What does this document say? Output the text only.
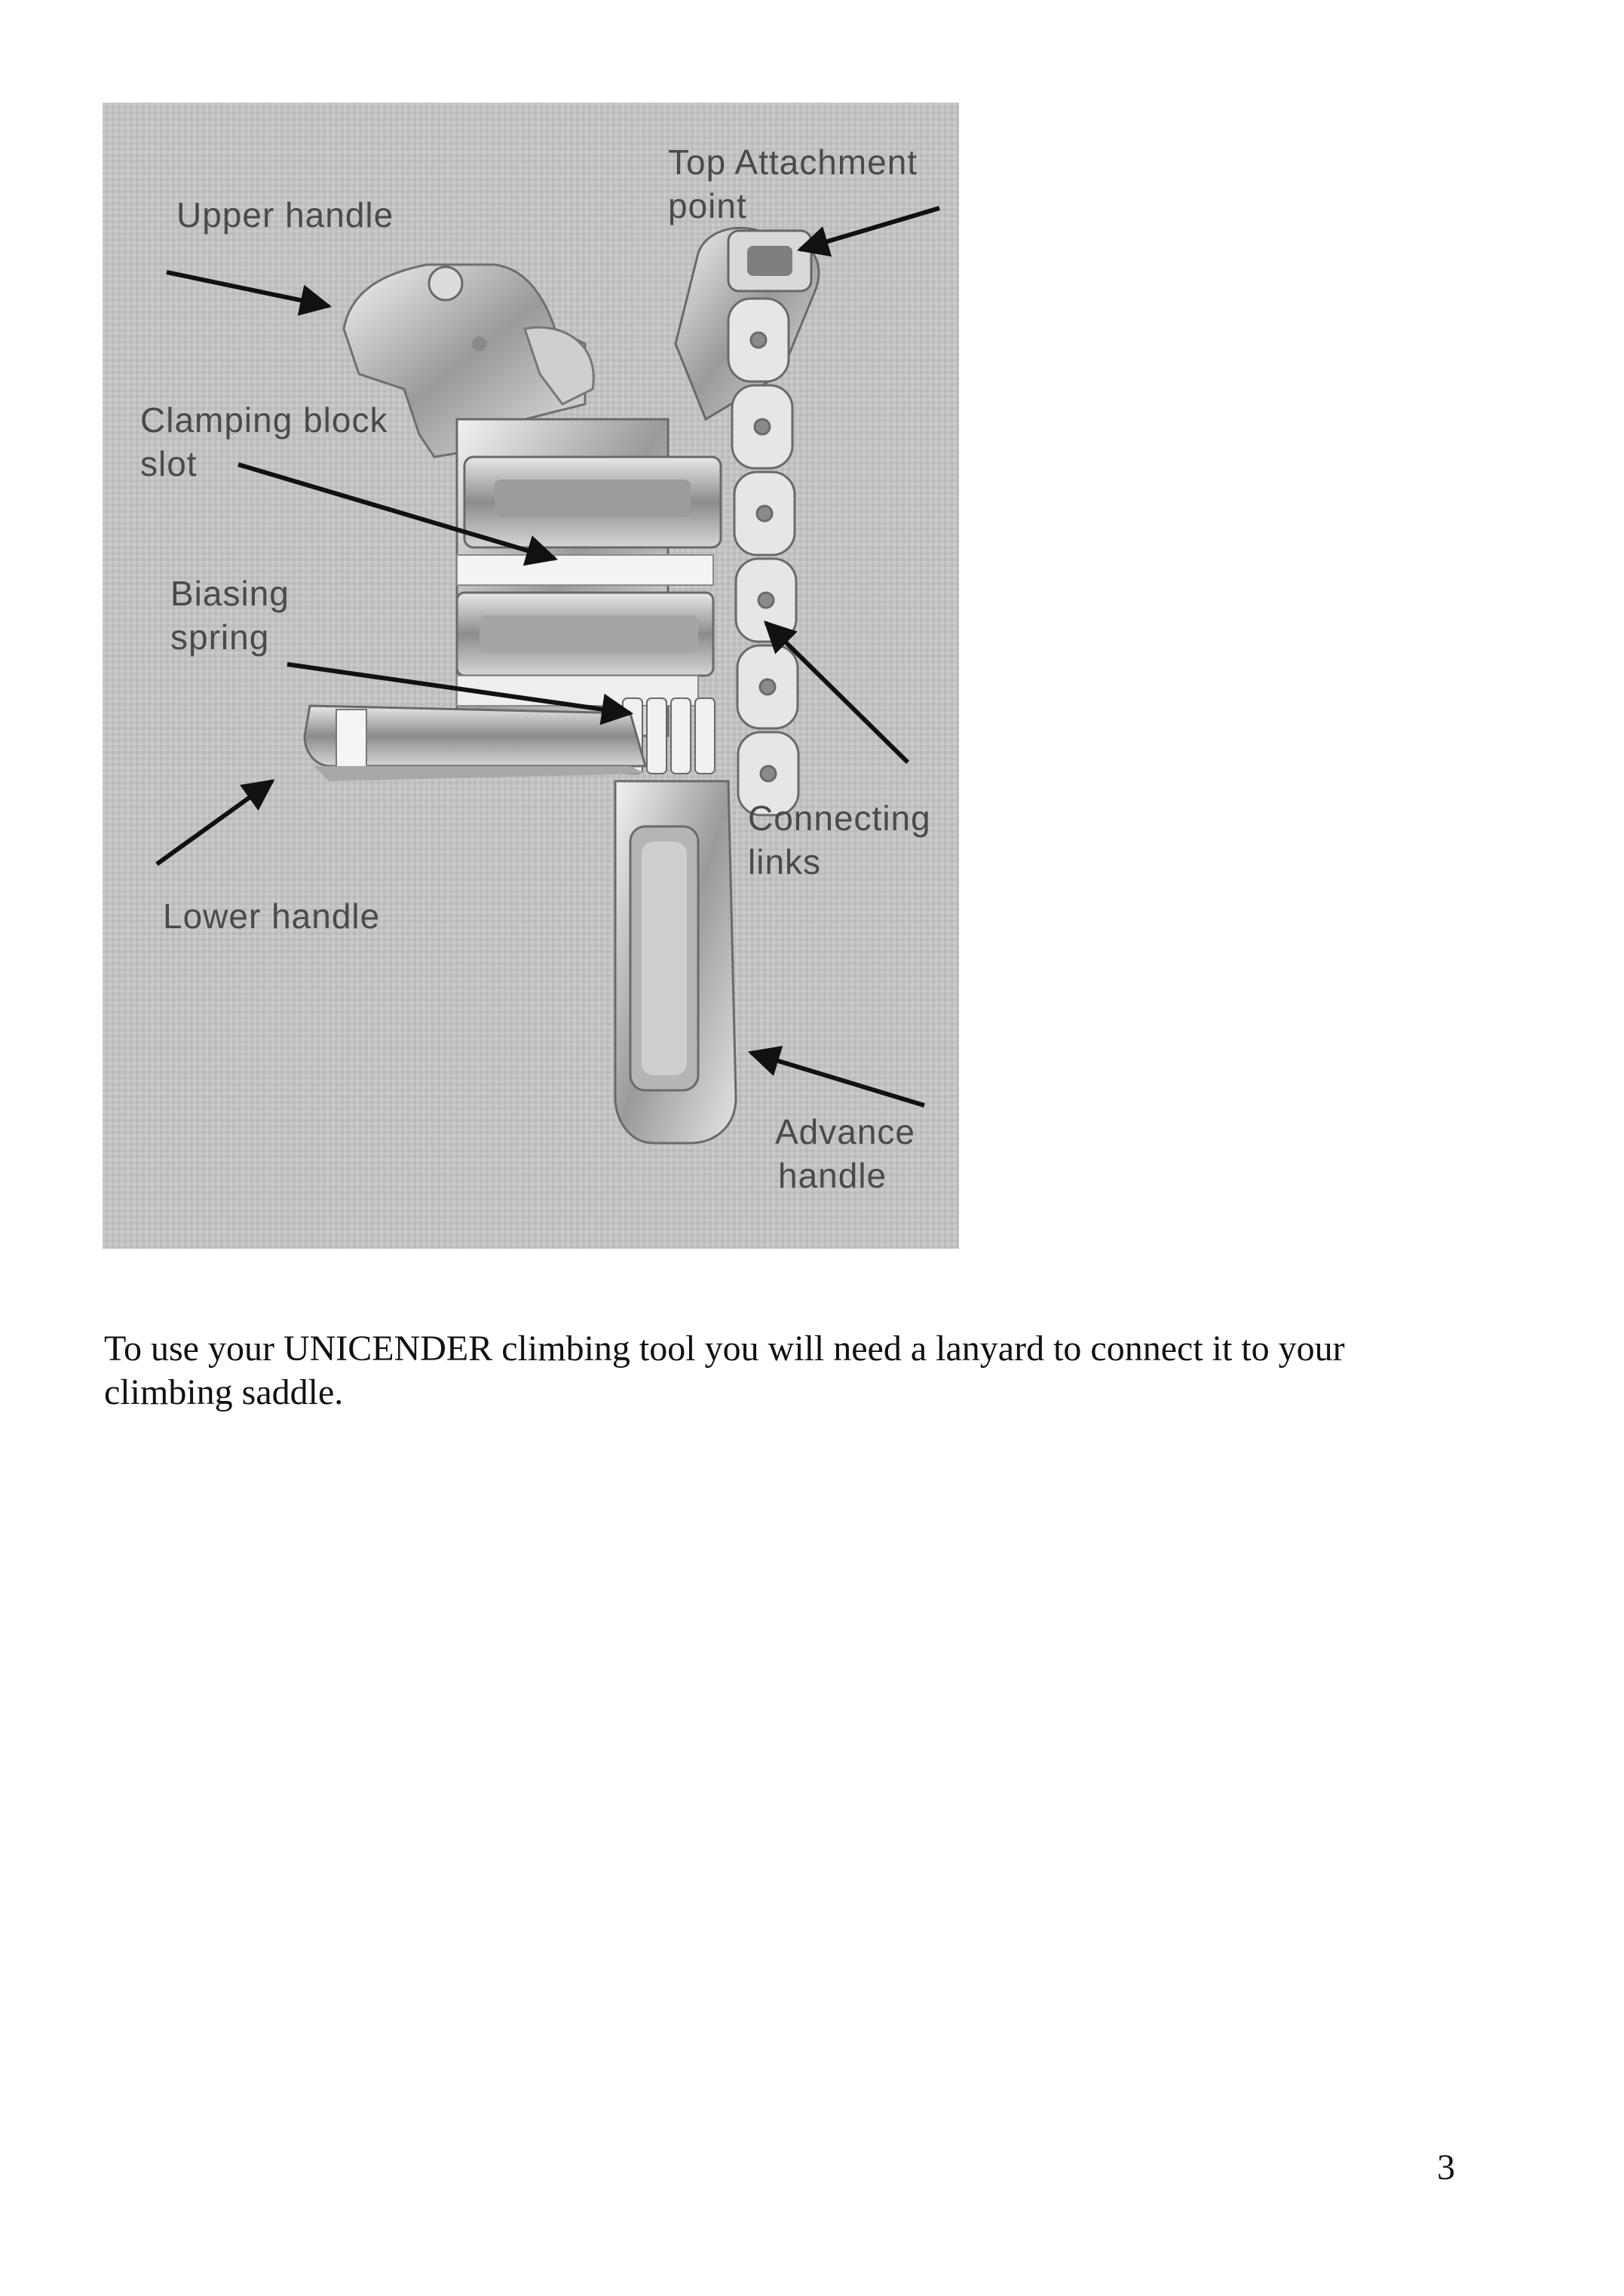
Top Attachment
point
Upper handle
Clamping block
slot
Biasing
spring
Connecting
links
Lower handle
Advance
handle
To use your UNICENDER climbing tool you will need a lanyard to connect it to your climbing saddle.
3
